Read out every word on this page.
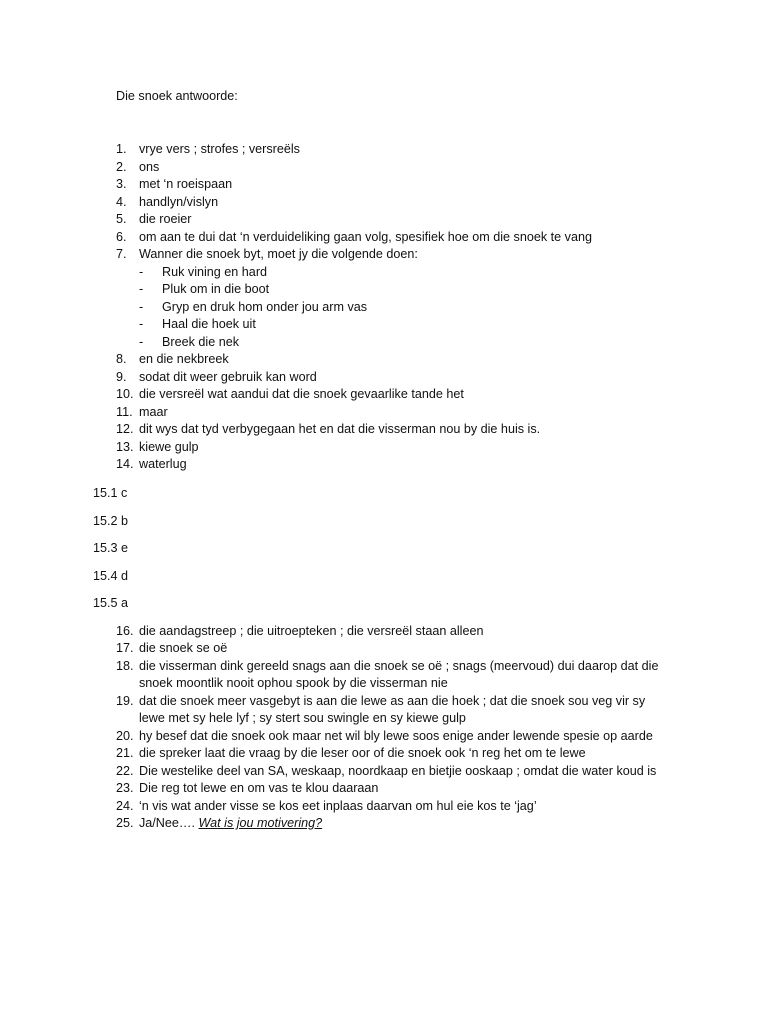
Die snoek antwoorde:
1. vrye vers ; strofes ; versreëls
2. ons
3. met ‘n roeispaan
4. handlyn/vislyn
5. die roeier
6. om aan te dui dat ‘n verduideliking gaan volg, spesifiek hoe om die snoek te vang
7. Wanner die snoek byt, moet jy die volgende doen:
-	Ruk vining en hard
-	Pluk om in die boot
-	Gryp en druk hom onder jou arm vas
-	Haal die hoek uit
-	Breek die nek
8. en die nekbreek
9. sodat dit weer gebruik kan word
10. die versreël wat aandui dat die snoek gevaarlike tande het
11. maar
12. dit wys dat tyd verbygegaan het en dat die visserman nou by die huis is.
13. kiewe gulp
14. waterlug
15.1 c
15.2 b
15.3 e
15.4 d
15.5 a
16. die aandagstreep ; die uitroepteken ; die versreël staan alleen
17. die snoek se oë
18. die visserman dink gereeld snags aan die snoek se oë ; snags (meervoud) dui daarop dat die
snoek moontlik nooit ophou spook by die visserman nie
19. dat die snoek meer vasgebyt is aan die lewe as aan die hoek ; dat die snoek sou veg vir sy
lewe met sy hele lyf ; sy stert sou swingle en sy kiewe gulp
20. hy besef dat die snoek ook maar net wil bly lewe soos enige ander lewende spesie op aarde
21. die spreker laat die vraag by die leser oor of die snoek ook ‘n reg het om te lewe
22. Die westelike deel van SA, weskaap, noordkaap en bietjie ooskaap ; omdat die water koud is
23. Die reg tot lewe en om vas te klou daaraan
24. ‘n vis wat ander visse se kos eet inplaas daarvan om hul eie kos te ‘jag’
25. Ja/Nee…. Wat is jou motivering?
